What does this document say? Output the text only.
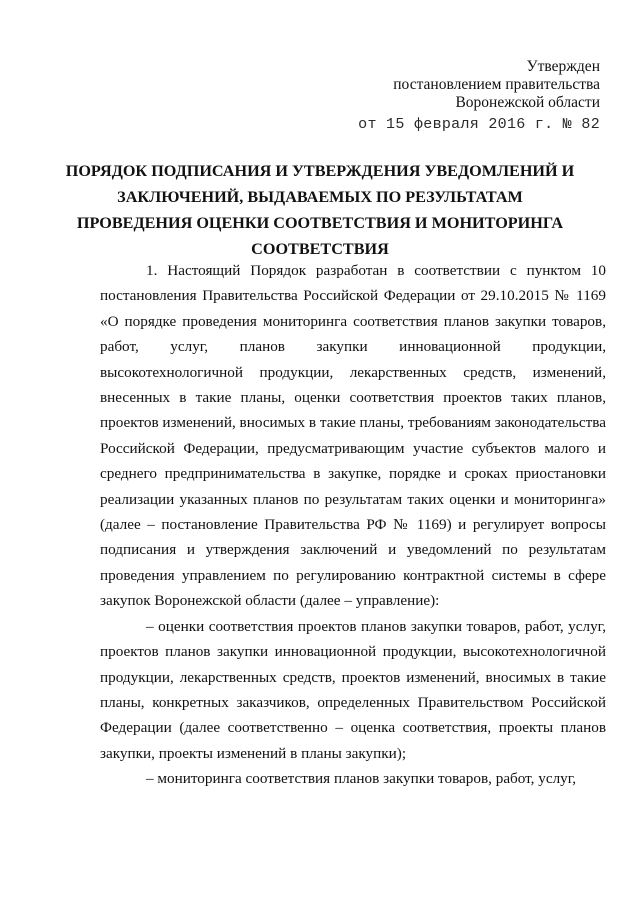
Утвержден
постановлением правительства
Воронежской области
от 15 февраля 2016 г. № 82
ПОРЯДОК ПОДПИСАНИЯ И УТВЕРЖДЕНИЯ УВЕДОМЛЕНИЙ И ЗАКЛЮЧЕНИЙ, ВЫДАВАЕМЫХ ПО РЕЗУЛЬТАТАМ ПРОВЕДЕНИЯ ОЦЕНКИ СООТВЕТСТВИЯ И МОНИТОРИНГА СООТВЕТСТВИЯ

1. Настоящий Порядок разработан в соответствии с пунктом 10 постановления Правительства Российской Федерации от 29.10.2015 № 1169 «О порядке проведения мониторинга соответствия планов закупки товаров, работ, услуг, планов закупки инновационной продукции, высокотехнологичной продукции, лекарственных средств, изменений, внесенных в такие планы, оценки соответствия проектов таких планов, проектов изменений, вносимых в такие планы, требованиям законодательства Российской Федерации, предусматривающим участие субъектов малого и среднего предпринимательства в закупке, порядке и сроках приостановки реализации указанных планов по результатам таких оценки и мониторинга» (далее – постановление Правительства РФ № 1169) и регулирует вопросы подписания и утверждения заключений и уведомлений по результатам проведения управлением по регулированию контрактной системы в сфере закупок Воронежской области (далее – управление):

– оценки соответствия проектов планов закупки товаров, работ, услуг, проектов планов закупки инновационной продукции, высокотехнологичной продукции, лекарственных средств, проектов изменений, вносимых в такие планы, конкретных заказчиков, определенных Правительством Российской Федерации (далее соответственно – оценка соответствия, проекты планов закупки, проекты изменений в планы закупки);

– мониторинга соответствия планов закупки товаров, работ, услуг,
